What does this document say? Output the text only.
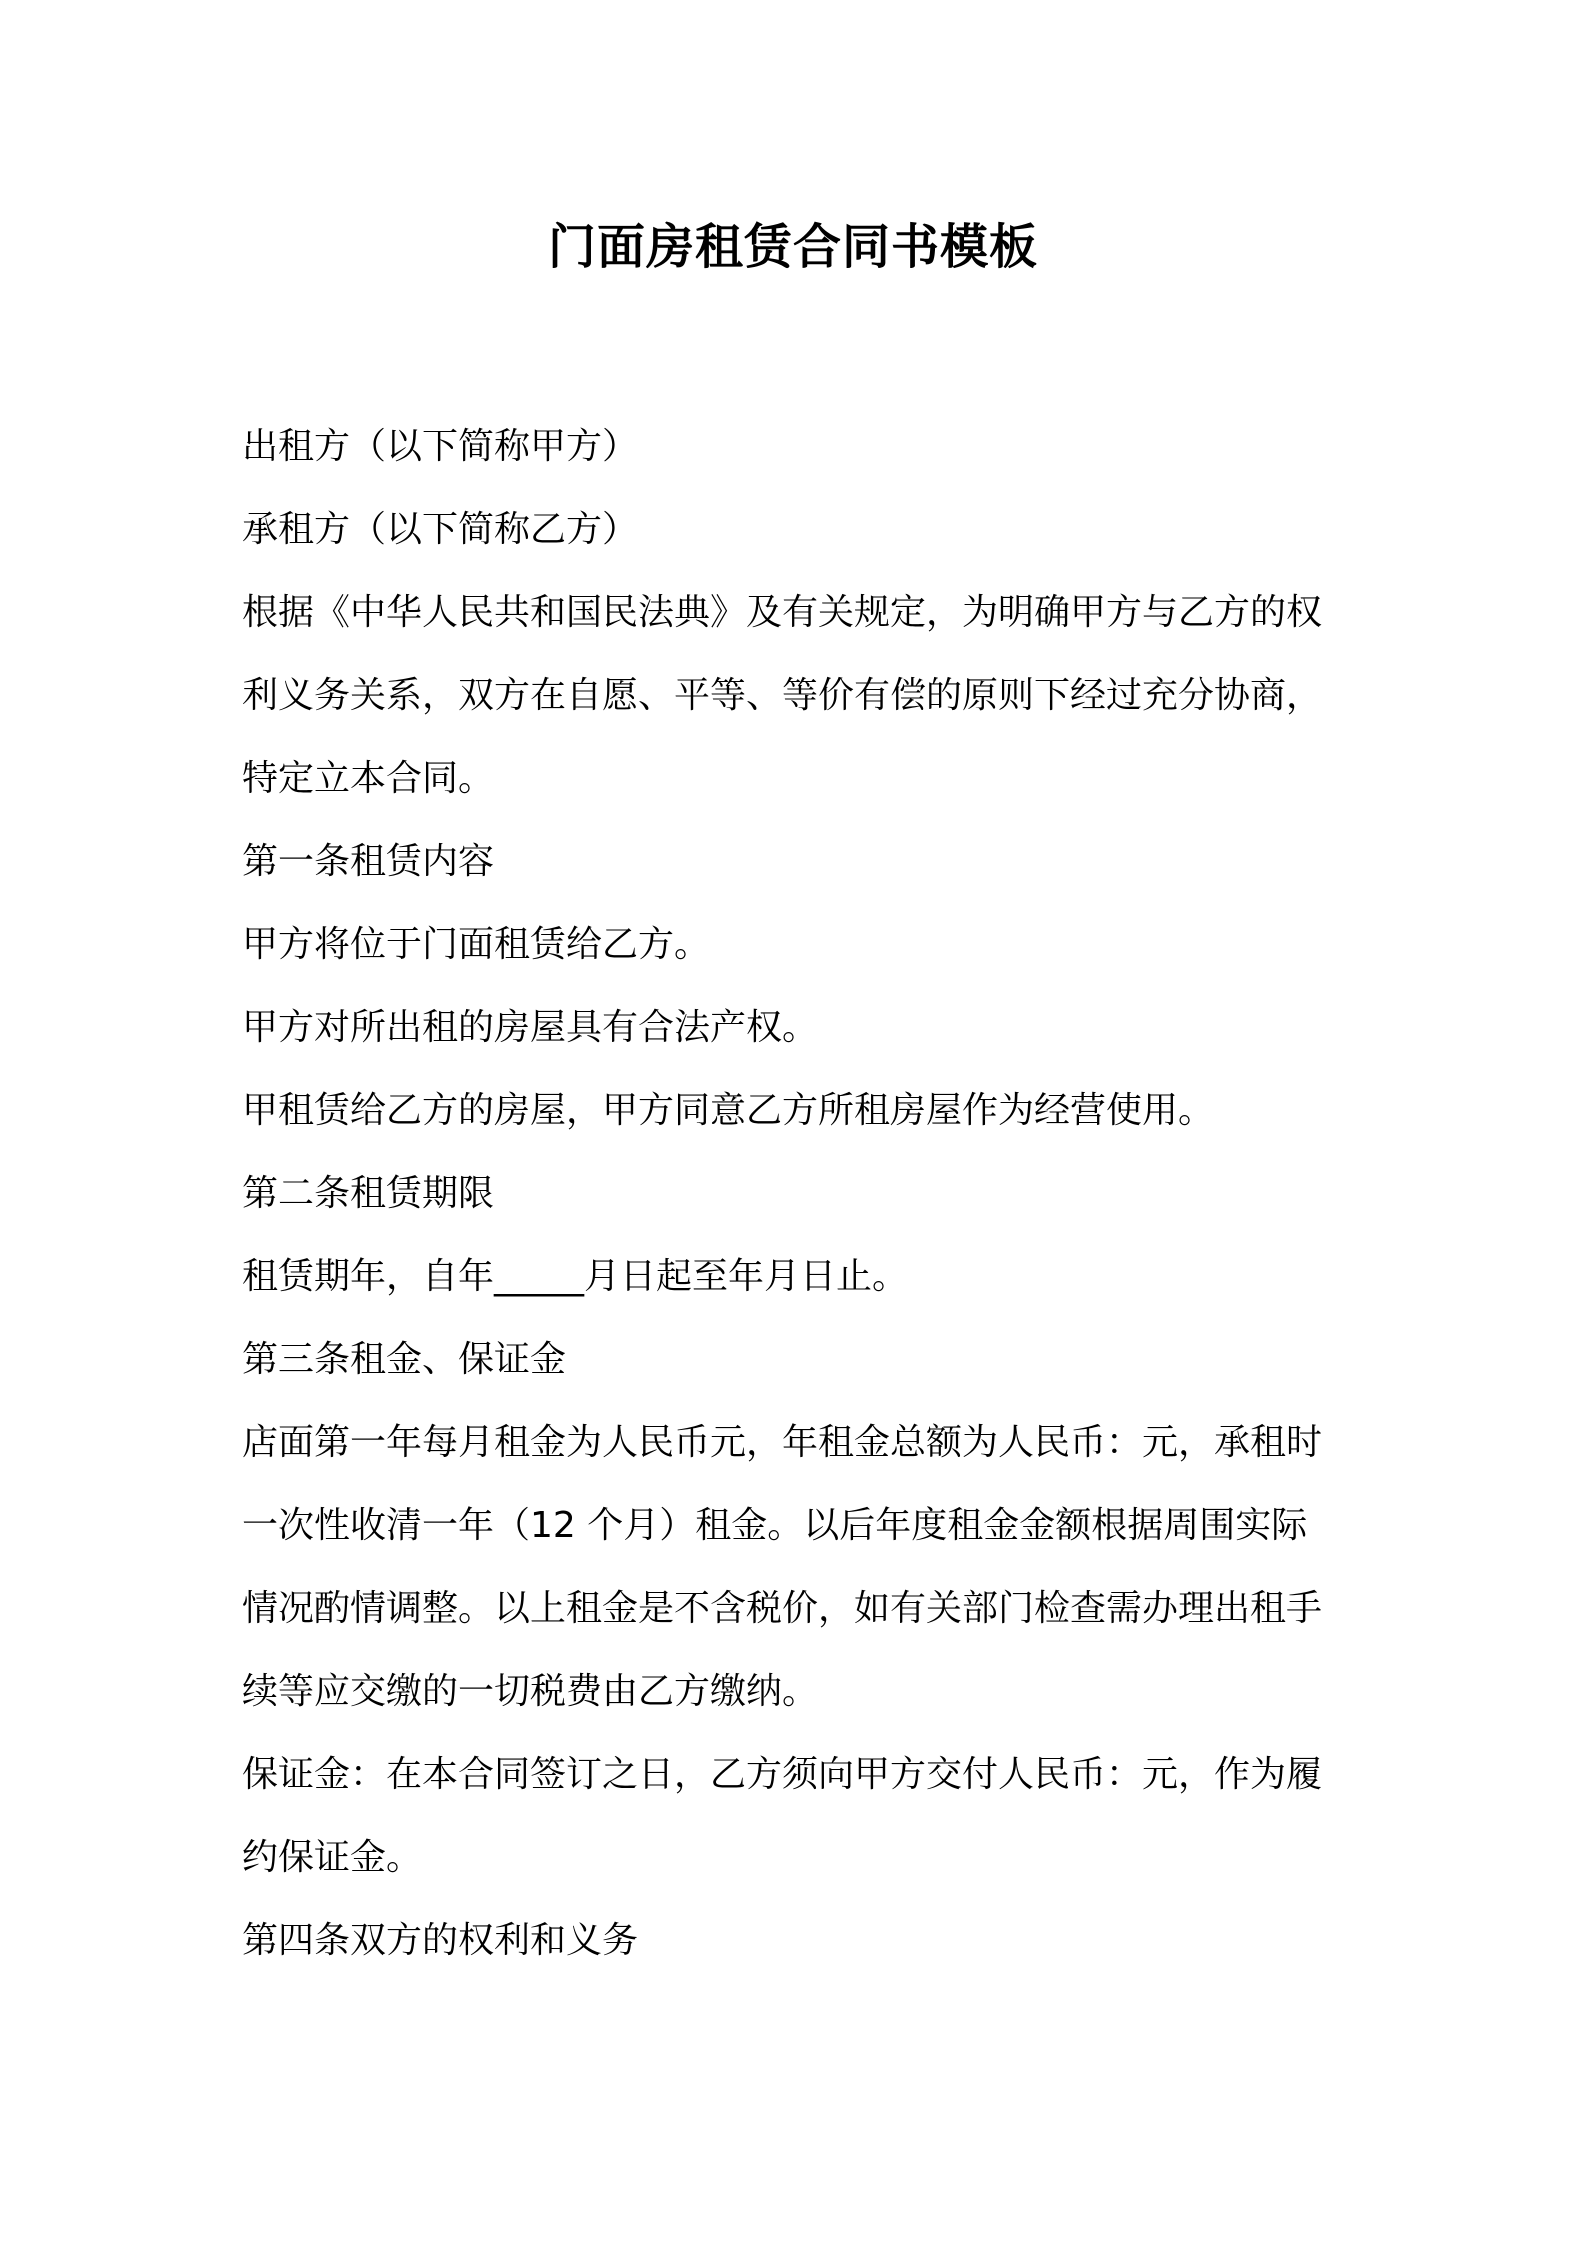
门面房租赁合同书模板
出租方（以下简称甲方）
承租方（以下简称乙方）
根据《中华人民共和国民法典》及有关规定，为明确甲方与乙方的权
利义务关系，双方在自愿、平等、等价有偿的原则下经过充分协商，
特定立本合同。
第一条租赁内容
甲方将位于门面租赁给乙方。
甲方对所出租的房屋具有合法产权。
甲租赁给乙方的房屋，甲方同意乙方所租房屋作为经营使用。
第二条租赁期限
租赁期年，自年_____月日起至年月日止。
第三条租金、保证金
店面第一年每月租金为人民币元，年租金总额为人民币：元，承租时
一次性收清一年（12 个月）租金。以后年度租金金额根据周围实际
情况酌情调整。以上租金是不含税价，如有关部门检查需办理出租手
续等应交缴的一切税费由乙方缴纳。
保证金：在本合同签订之日，乙方须向甲方交付人民币：元，作为履
约保证金。
第四条双方的权利和义务
